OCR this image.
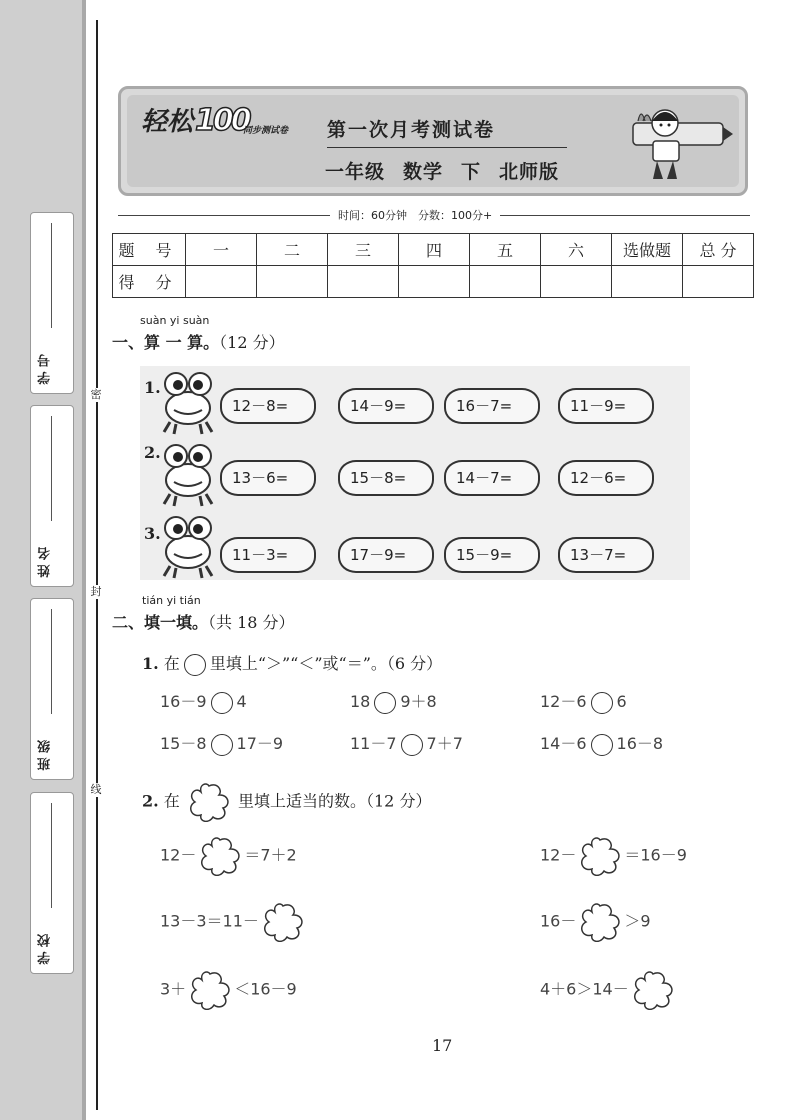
密
封
线
学 号
姓 名
班 级
学 校
轻松100
同步测试卷 第一次月考测试卷
一年级 数学 下 北师版
时间：60分钟　分数：100分+
题 号	一	二	三	四	五	六	选做题	总 分
得 分								
suàn yi suàn
一、算 一 算。（12 分）
1.
12－8=	14－9=	16－7=	11－9=
2.
13－6=	15－8=	14－7=	12－6=
3.
11－3=	17－9=	15－9=	13－7=
tián yi tián
二、填一填。（共 18 分）
1. 在 里填上“＞”“＜”或“＝”。（6 分）
16－9 4	18 9＋8	12－6 6
15－8 17－9	11－7 7＋7	14－6 16－8
2. 在	里填上适当的数。（12 分）
12－	＝7＋2	12－	＝16－9
13－3＝11－	16－	＞9
3＋	＜16－9	4＋6＞14－
17
